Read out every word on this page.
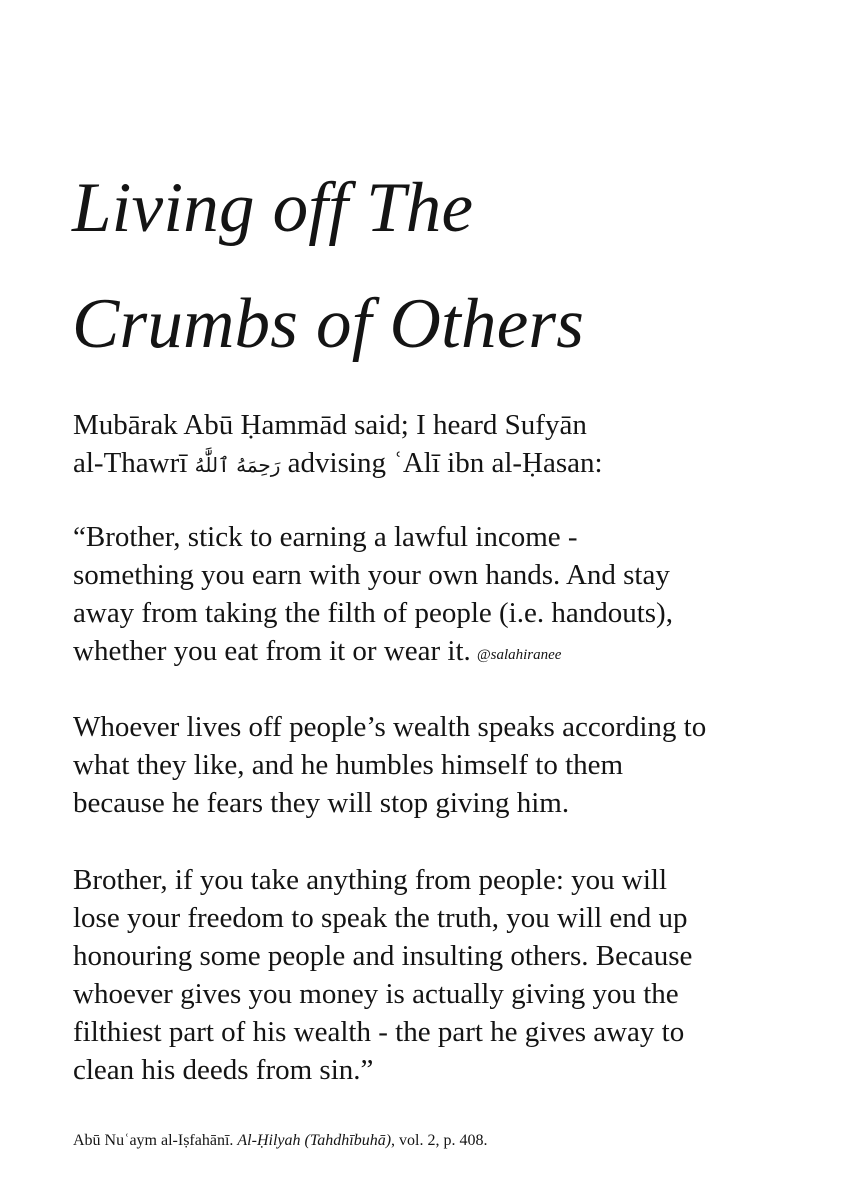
Living off The
Crumbs of Others

Mubārak Abū Ḥammād said; I heard Sufyān
al-Thawrī رَحِمَهُ ٱللَّٰهُ advising ʿAlī ibn al-Ḥasan:

“Brother, stick to earning a lawful income -
something you earn with your own hands. And stay
away from taking the filth of people (i.e. handouts),
whether you eat from it or wear it. @salahiranee

Whoever lives off people’s wealth speaks according to
what they like, and he humbles himself to them
because he fears they will stop giving him.

Brother, if you take anything from people: you will
lose your freedom to speak the truth, you will end up
honouring some people and insulting others. Because
whoever gives you money is actually giving you the
filthiest part of his wealth - the part he gives away to
clean his deeds from sin.”

Abū Nuʿaym al-Iṣfahānī. Al-Ḥilyah (Tahdhībuhā), vol. 2, p. 408.
